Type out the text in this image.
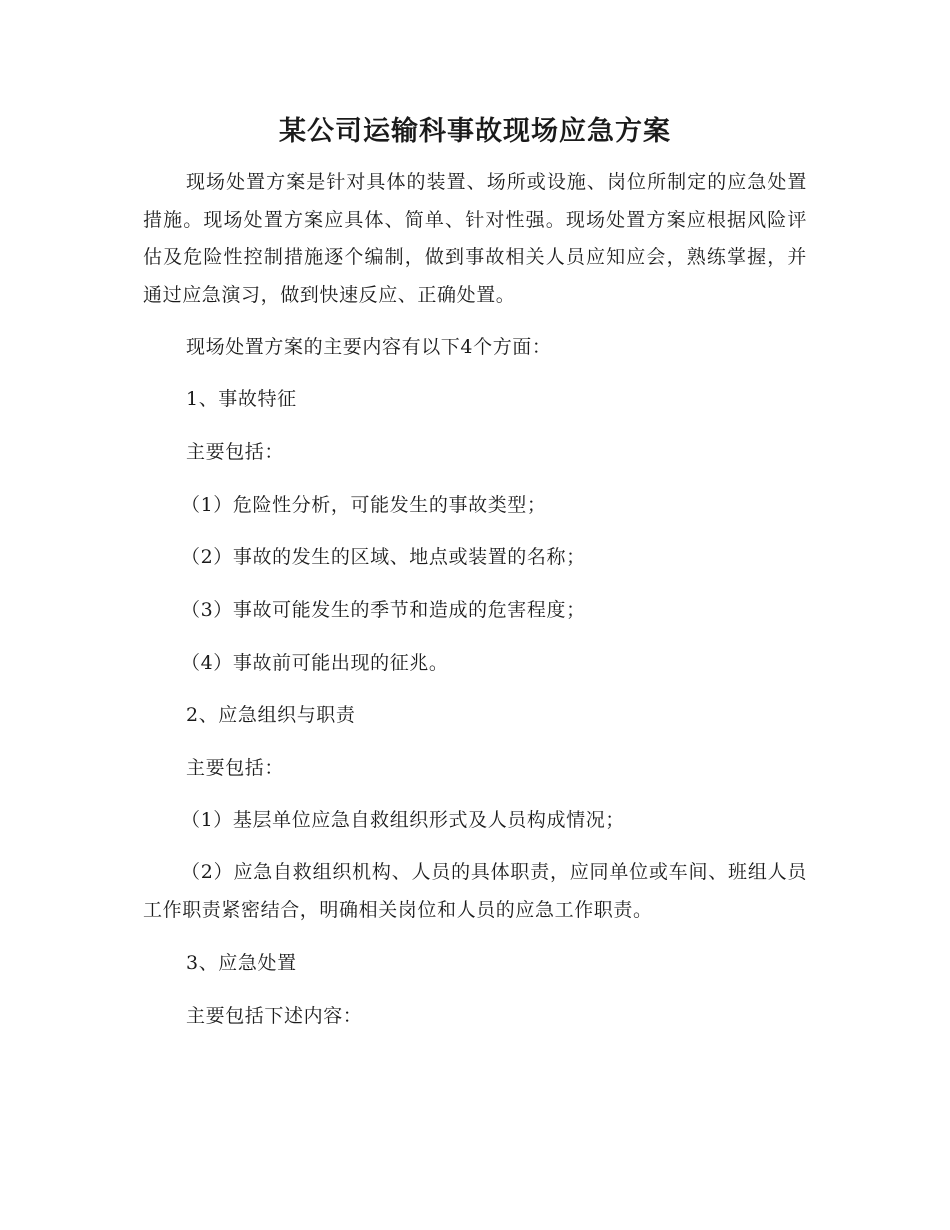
某公司运输科事故现场应急方案

现场处置方案是针对具体的装置、场所或设施、岗位所制定的应急处置措施。现场处置方案应具体、简单、针对性强。现场处置方案应根据风险评估及危险性控制措施逐个编制，做到事故相关人员应知应会，熟练掌握，并通过应急演习，做到快速反应、正确处置。

现场处置方案的主要内容有以下4个方面：

1、事故特征

主要包括：

（1）危险性分析，可能发生的事故类型；

（2）事故的发生的区域、地点或装置的名称；

（3）事故可能发生的季节和造成的危害程度；

（4）事故前可能出现的征兆。

2、应急组织与职责

主要包括：

（1）基层单位应急自救组织形式及人员构成情况；

（2）应急自救组织机构、人员的具体职责，应同单位或车间、班组人员工作职责紧密结合，明确相关岗位和人员的应急工作职责。

3、应急处置

主要包括下述内容：
